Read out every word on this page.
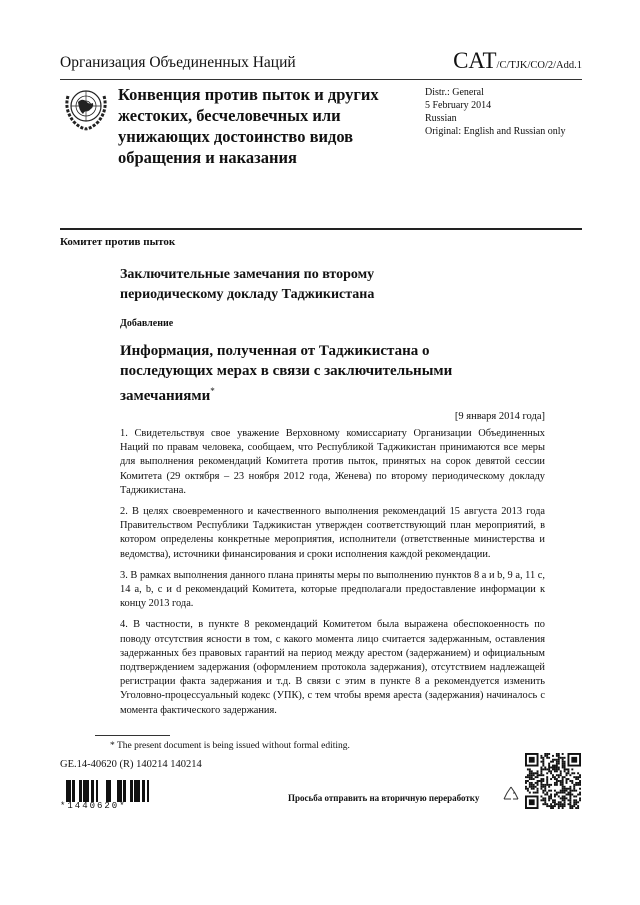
Организация Объединенных Наций	CAT/C/TJK/CO/2/Add.1
Конвенция против пыток и других жестоких, бесчеловечных или унижающих достоинство видов обращения и наказания
Distr.: General
5 February 2014
Russian
Original: English and Russian only
Комитет против пыток
Заключительные замечания по второму периодическому докладу Таджикистана
Добавление
Информация, полученная от Таджикистана о последующих мерах в связи с заключительными замечаниями*
[9 января 2014 года]

1. Свидетельствуя свое уважение Верховному комиссариату Организации Объединенных Наций по правам человека, сообщаем, что Республикой Таджикистан принимаются все меры для выполнения рекомендаций Комитета против пыток, принятых на сорок девятой сессии Комитета (29 октября – 23 ноября 2012 года, Женева) по второму периодическому докладу Таджикистана.

2. В целях своевременного и качественного выполнения рекомендаций 15 августа 2013 года Правительством Республики Таджикистан утвержден соответствующий план мероприятий, в котором определены конкретные мероприятия, исполнители (ответственные министерства и ведомства), источники финансирования и сроки исполнения каждой рекомендации.

3. В рамках выполнения данного плана приняты меры по выполнению пунктов 8 a и b, 9 a, 11 c, 14 a, b, c и d рекомендаций Комитета, которые предполагали предоставление информации к концу 2013 года.

4. В частности, в пункте 8 рекомендаций Комитетом была выражена обеспокоенность по поводу отсутствия ясности в том, с какого момента лицо считается задержанным, оставления задержанных без правовых гарантий на период между арестом (задержанием) и официальным подтверждением задержания (оформлением протокола задержания), отсутствием надлежащей регистрации факта задержания и т.д. В связи с этим в пункте 8 a рекомендуется изменить Уголовно-процессуальный кодекс (УПК), с тем чтобы время ареста (задержания) начиналось с момента фактического задержания.

* The present document is being issued without formal editing.
GE.14-40620 (R) 140214 140214
*1440620*
Просьба отправить на вторичную переработку
